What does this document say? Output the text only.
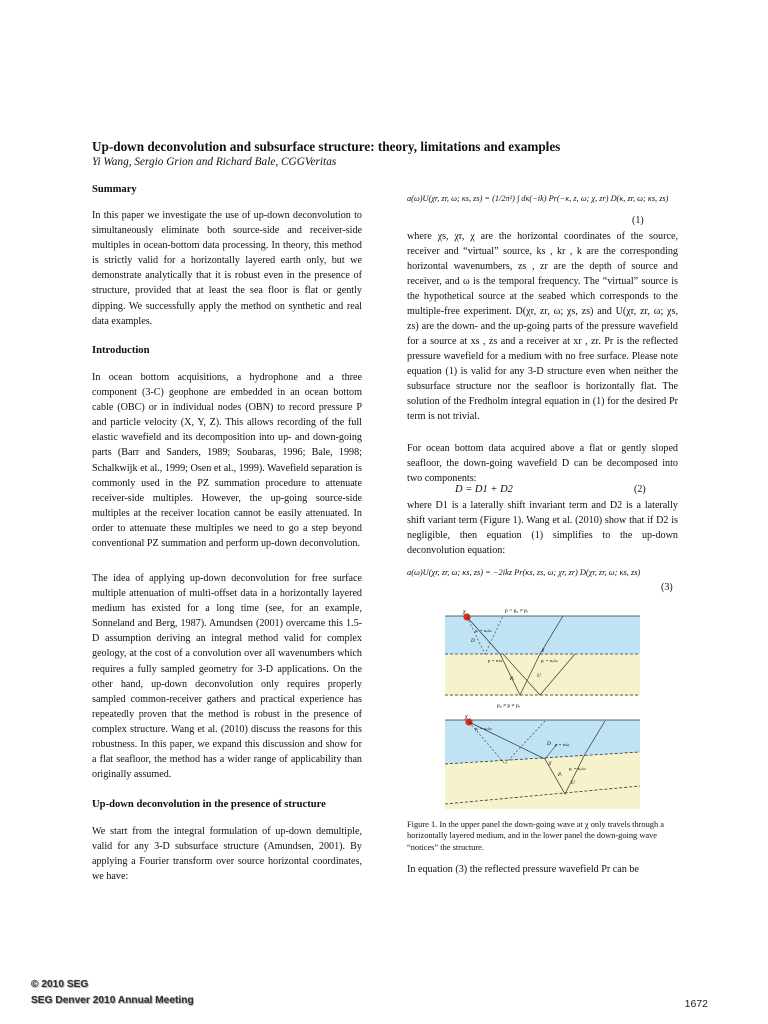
Up-down deconvolution and subsurface structure: theory, limitations and examples
Yi Wang, Sergio Grion and Richard Bale, CGGVeritas
Summary

In this paper we investigate the use of up-down deconvolution to simultaneously eliminate both source-side and receiver-side multiples in ocean-bottom data processing. In theory, this method is strictly valid for a horizontally layered earth only, but we demonstrate analytically that it is robust even in the presence of structure, provided that at least the sea floor is flat or gently dipping. We successfully apply the method on synthetic and real data examples.

Introduction

In ocean bottom acquisitions, a hydrophone and a three component (3-C) geophone are embedded in an ocean bottom cable (OBC) or in individual nodes (OBN) to record pressure P and particle velocity (X, Y, Z). This allows recording of the full elastic wavefield and its decomposition into up- and down-going parts (Barr and Sanders, 1989; Soubaras, 1996; Bale, 1998; Schalkwijk et al., 1999; Osen et al., 1999). Wavefield separation is commonly used in the PZ summation procedure to attenuate receiver-side multiples. However, the up-going source-side multiples at the receiver location cannot be easily attenuated. In order to attenuate these multiples we need to go a step beyond conventional PZ summation and perform up-down deconvolution.

The idea of applying up-down deconvolution for free surface multiple attenuation of multi-offset data in a horizontally layered medium has existed for a long time (see, for an example, Sonneland and Berg, 1987). Amundsen (2001) overcame this 1.5-D assumption deriving an integral method valid for complex geology, at the cost of a convolution over all wavenumbers which requires a fully sampled geometry for 3-D applications. On the other hand, up-down deconvolution only requires properly sampled common-receiver gathers and practical experience has repeatedly proven that the method is robust in the presence of complex structure. Wang et al. (2010) discuss the reasons for this robustness. In this paper, we expand this discussion and show for a flat seafloor, the method has a wider range of applicability than originally assumed.

Up-down deconvolution in the presence of structure

We start from the integral formulation of up-down demultiple, valid for any 3-D subsurface structure (Amundsen, 2001). By applying a Fourier transform over source horizontal coordinates, we have:

a(ω)U(χr, zr, ω; κs, zs) = (1/2π²) ∫ dκ(−ik) Pr(−κ, z, ω; χ, zr) D(κ, zr, ω; κs, zs)
(1)

where χs, χr, χ are the horizontal coordinates of the source, receiver and “virtual” source, ks , kr , k are the corresponding horizontal wavenumbers, zs , zr are the depth of source and receiver, and ω is the temporal frequency. The “virtual” source is the hypothetical source at the seabed which corresponds to the multiple-free experiment. D(χr, zr, ω; χs, zs) and U(χr, zr, ω; χs, zs) are the down- and the up-going parts of the pressure wavefield for a source at xs , zs and a receiver at xr , zr. Pr is the reflected pressure wavefield for a medium with no free surface. Please note equation (1) is valid for any 3-D structure even when neither the subsurface structure nor the seafloor is horizontally flat. The solution of the Fredholm integral equation in (1) for the desired Pr term is not trivial.

For ocean bottom data acquired above a flat or gently sloped seafloor, the down-going wavefield D can be decomposed into two components:

D = D1 + D2	(2)

where D1 is a laterally shift invariant term and D2 is a laterally shift variant term (Figure 1). Wang et al. (2010) show that if D2 is negligible, then equation (1) simplifies to the up-down deconvolution equation:

a(ω)U(χr, zr, ω; κs, zs) = −2ikz Pr(κs, zs, ω; χr, zr) D(χr, zr, ω; κs, zs)
(3)
p = p₀ ≠ pᵣ
χ
pᵣ = κᵣ/ω
D
p = κ/ω	pᵣ = κᵣ/ω
Pᵣ	U
χ
p₀ ≠ p ≠ pᵣ
χ
pᵣ = κᵣ/ω
D p = κ/ω
pᵣ = κᵣ/ω
Pᵣ
U
χ

Figure 1. In the upper panel the down-going wave at χ only travels through a horizontally layered medium, and in the lower panel the down-going wave “notices” the structure.

In equation (3) the reflected pressure wavefield Pr can be

© 2010 SEG
SEG Denver 2010 Annual Meeting	1672
